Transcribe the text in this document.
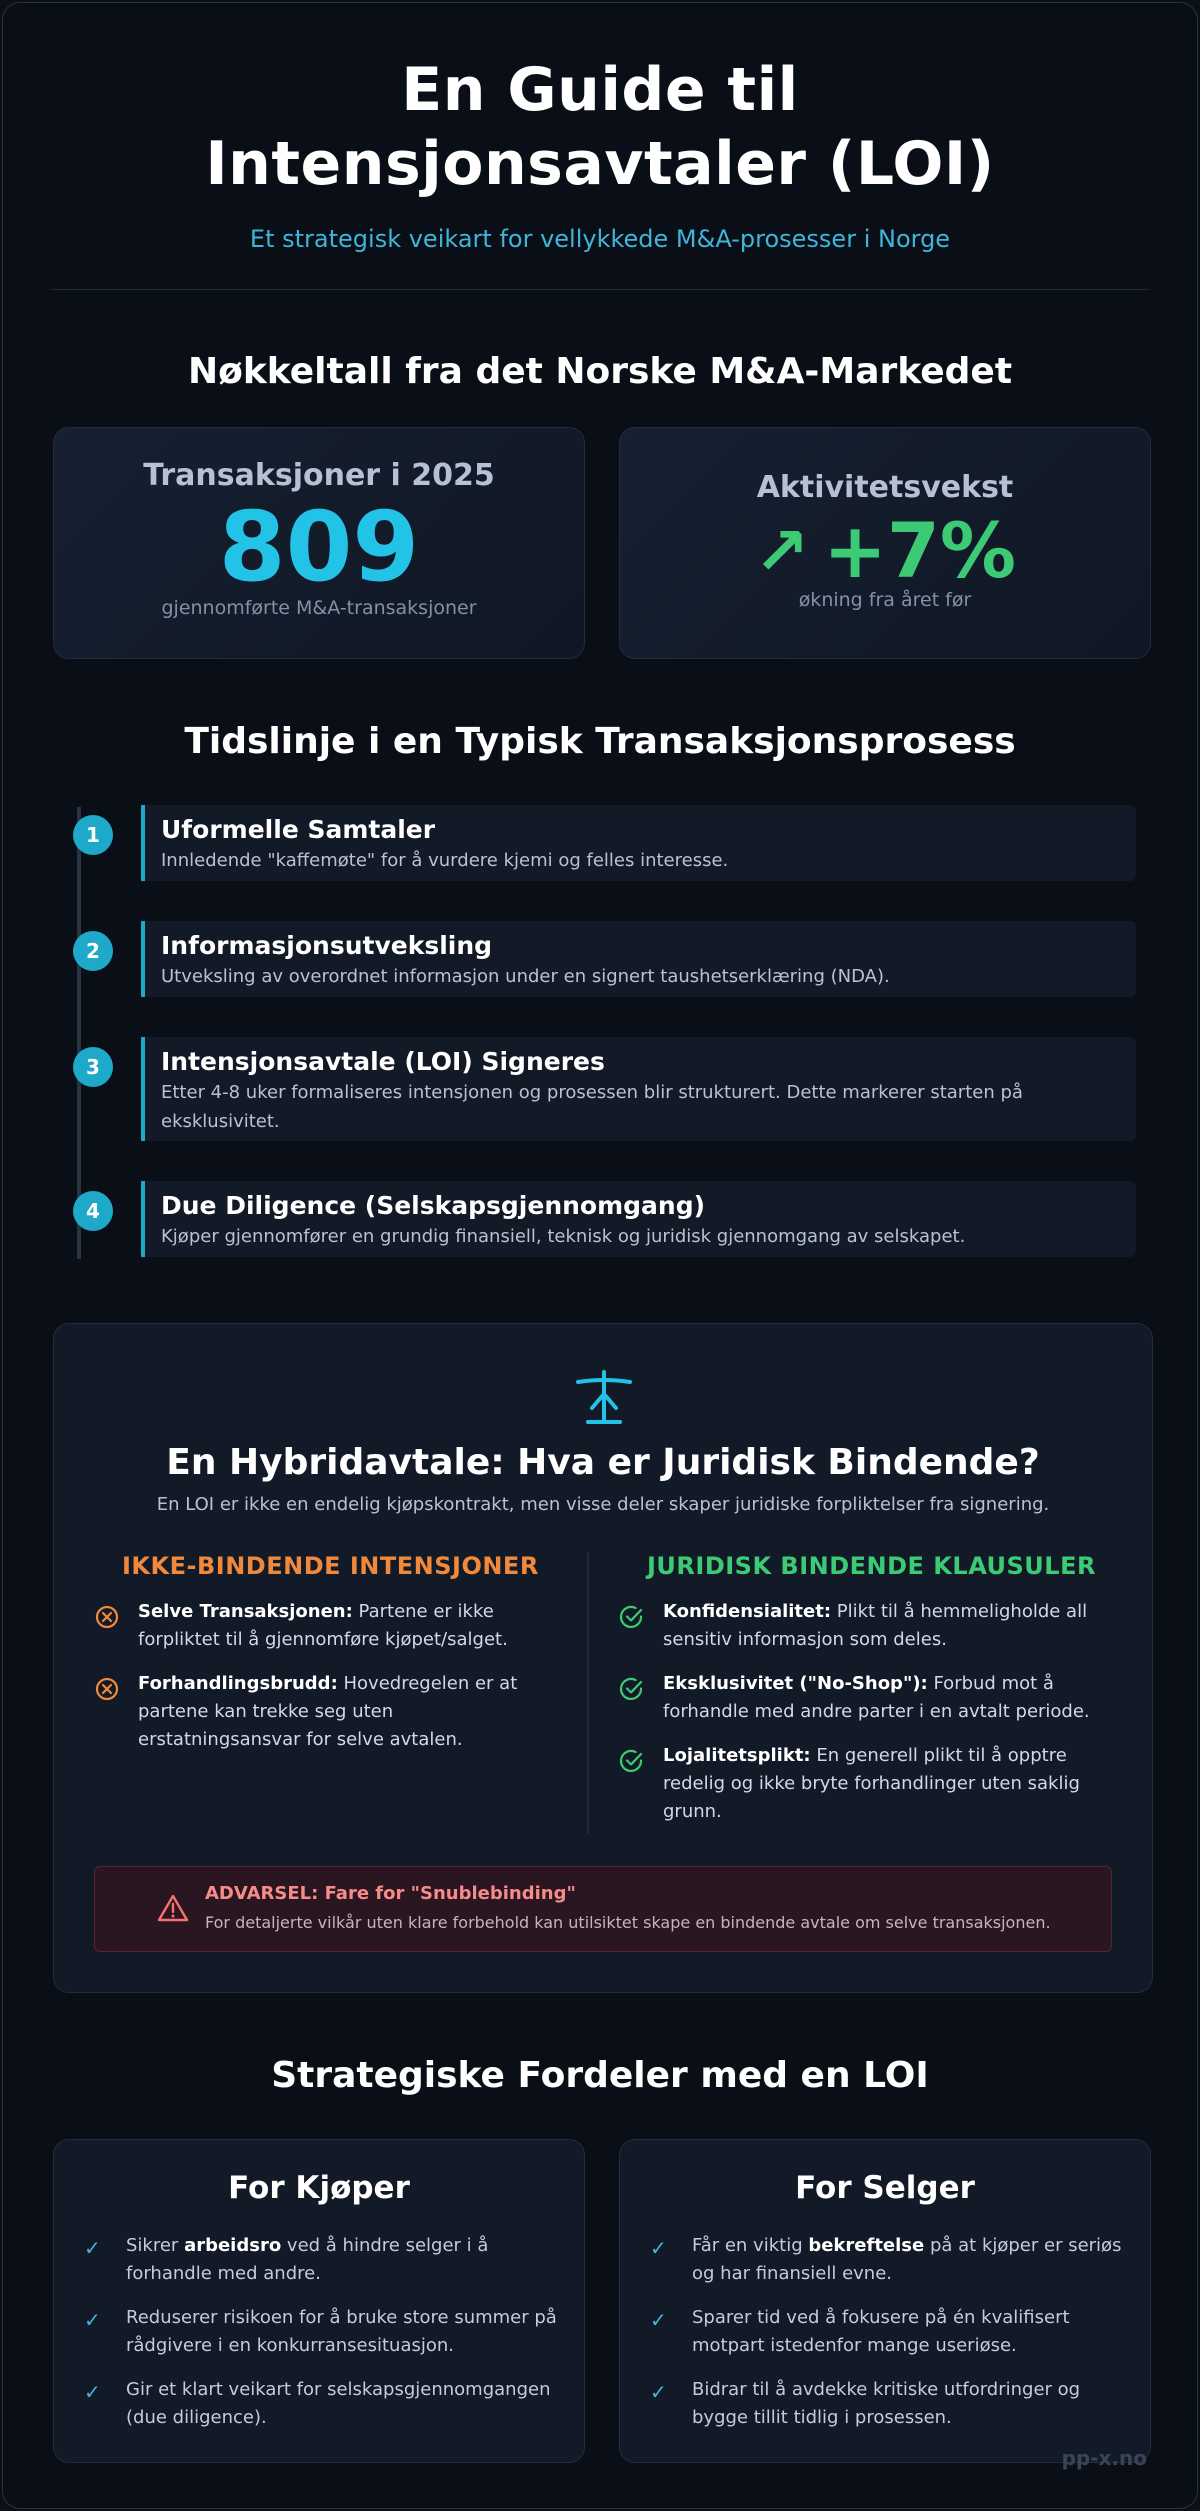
En Guide til Intensjonsavtaler (LOI)
Et strategisk veikart for vellykkede M&A-prosesser i Norge
Nøkkeltall fra det Norske M&A-Markedet
Transaksjoner i 2025
809
gjennomførte M&A-transaksjoner
Aktivitetsvekst
↗ +7%
økning fra året før
Tidslinje i en Typisk Transaksjonsprosess
1	Uformelle Samtaler
Innledende "kaffemøte" for å vurdere kjemi og felles interesse.
2	Informasjonsutveksling
Utveksling av overordnet informasjon under en signert taushetserklæring (NDA).
3	Intensjonsavtale (LOI) Signeres
Etter 4-8 uker formaliseres intensjonen og prosessen blir strukturert. Dette markerer starten på eksklusivitet.
4	Due Diligence (Selskapsgjennomgang)
Kjøper gjennomfører en grundig finansiell, teknisk og juridisk gjennomgang av selskapet.
En Hybridavtale: Hva er Juridisk Bindende?
En LOI er ikke en endelig kjøpskontrakt, men visse deler skaper juridiske forpliktelser fra signering.
IKKE-BINDENDE INTENSJONER	JURIDISK BINDENDE KLAUSULER
Selve Transaksjonen: Partene er ikke forpliktet til å gjennomføre kjøpet/salget.
Forhandlingsbrudd: Hovedregelen er at partene kan trekke seg uten erstatningsansvar for selve avtalen.
Konfidensialitet: Plikt til å hemmeligholde all sensitiv informasjon som deles.
Eksklusivitet ("No-Shop"): Forbud mot å forhandle med andre parter i en avtalt periode.
Lojalitetsplikt: En generell plikt til å opptre redelig og ikke bryte forhandlinger uten saklig grunn.
ADVARSEL: Fare for "Snublebinding"
For detaljerte vilkår uten klare forbehold kan utilsiktet skape en bindende avtale om selve transaksjonen.
Strategiske Fordeler med en LOI
For Kjøper
✓ Sikrer arbeidsro ved å hindre selger i å forhandle med andre.
✓ Reduserer risikoen for å bruke store summer på rådgivere i en konkurransesituasjon.
✓ Gir et klart veikart for selskapsgjennomgangen (due diligence).
For Selger
✓ Får en viktig bekreftelse på at kjøper er seriøs og har finansiell evne.
✓ Sparer tid ved å fokusere på én kvalifisert motpart istedenfor mange useriøse.
✓ Bidrar til å avdekke kritiske utfordringer og bygge tillit tidlig i prosessen.
pp-x.no
